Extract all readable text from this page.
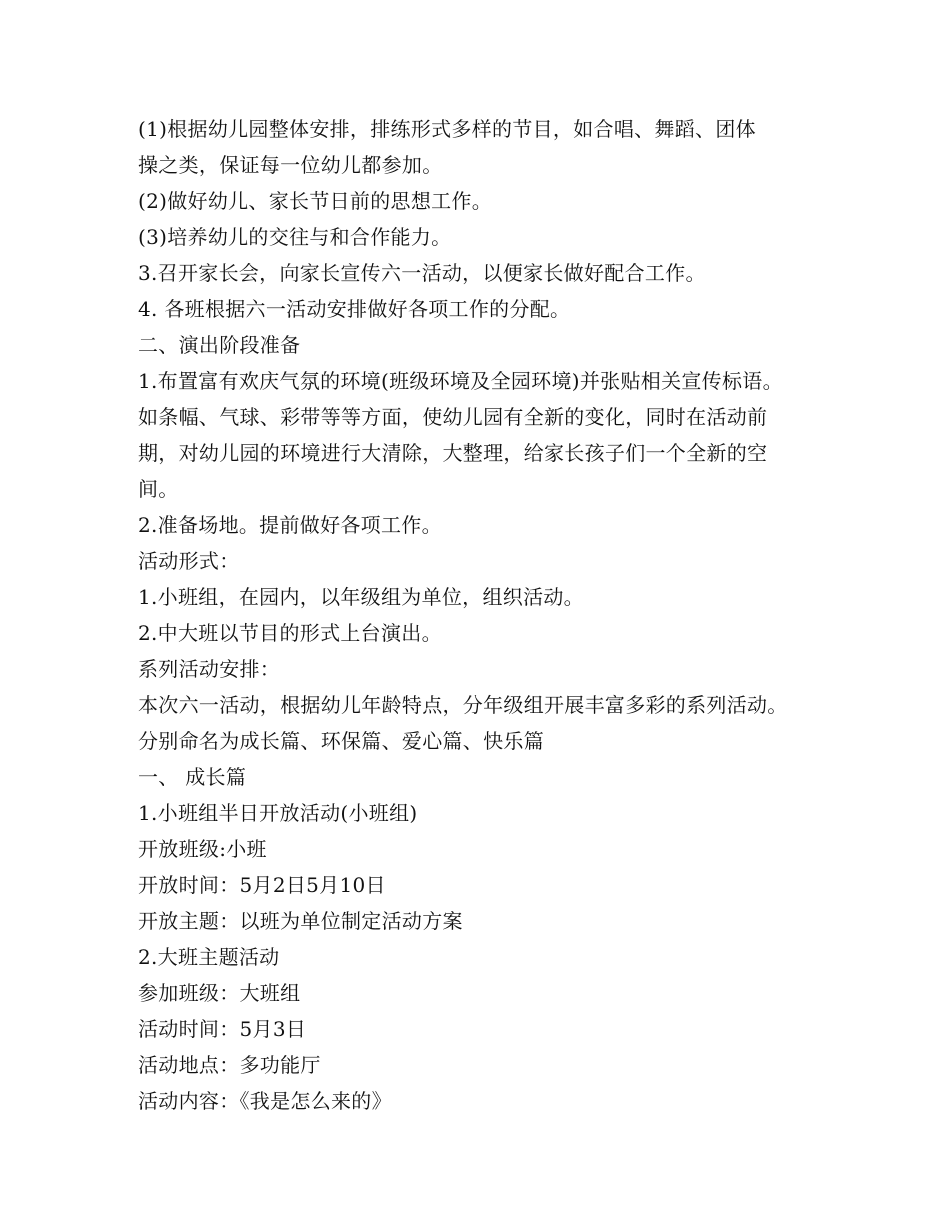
(1)根据幼儿园整体安排，排练形式多样的节目，如合唱、舞蹈、团体
操之类，保证每一位幼儿都参加。
(2)做好幼儿、家长节日前的思想工作。
(3)培养幼儿的交往与和合作能力。
3.召开家长会，向家长宣传六一活动，以便家长做好配合工作。
4. 各班根据六一活动安排做好各项工作的分配。
二、演出阶段准备
1.布置富有欢庆气氛的环境(班级环境及全园环境)并张贴相关宣传标语。
如条幅、气球、彩带等等方面，使幼儿园有全新的变化，同时在活动前
期，对幼儿园的环境进行大清除，大整理，给家长孩子们一个全新的空
间。
2.准备场地。提前做好各项工作。
活动形式：
1.小班组，在园内，以年级组为单位，组织活动。
2.中大班以节目的形式上台演出。
系列活动安排：
本次六一活动，根据幼儿年龄特点，分年级组开展丰富多彩的系列活动。
分别命名为成长篇、环保篇、爱心篇、快乐篇
一、 成长篇
1.小班组半日开放活动(小班组)
开放班级:小班
开放时间：5月2日5月10日
开放主题：以班为单位制定活动方案
2.大班主题活动
参加班级：大班组
活动时间：5月3日
活动地点：多功能厅
活动内容：《我是怎么来的》
